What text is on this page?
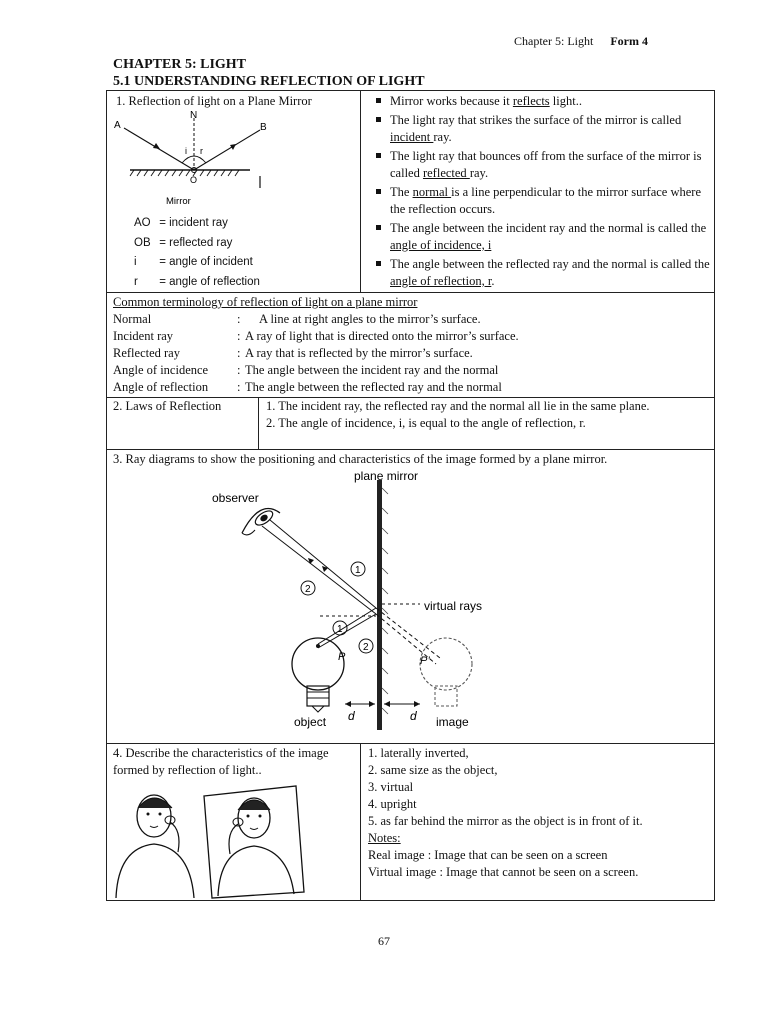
Chapter 5: Light Form 4
CHAPTER 5: LIGHT
5.1 UNDERSTANDING REFLECTION OF LIGHT
1. Reflection of light on a Plane Mirror
A
N
B
i r
O
Mirror
AO = incident ray
OB = reflected ray
i = angle of incident
r = angle of reflection
Mirror works because it reflects light..
The light ray that strikes the surface of the mirror is called incident ray.
The light ray that bounces off from the surface of the mirror is called reflected ray.
The normal is a line perpendicular to the mirror surface where the reflection occurs.
The angle between the incident ray and the normal is called the angle of incidence, i
The angle between the reflected ray and the normal is called the angle of reflection, r.
Common terminology of reflection of light on a plane mirror
Normal	:	A line at right angles to the mirror’s surface.
Incident ray	: A ray of light that is directed onto the mirror’s surface.
Reflected ray	: A ray that is reflected by the mirror’s surface.
Angle of incidence	: The angle between the incident ray and the normal
Angle of reflection	: The angle between the reflected ray and the normal
2. Laws of Reflection	1. The incident ray, the reflected ray and the normal all lie in the same plane.
2. The angle of incidence, i, is equal to the angle of reflection, r.
3. Ray diagrams to show the positioning and characteristics of the image formed by a plane mirror.
1
2
1
2
plane mirror
observer
virtual rays
object	image
d	d
P	P’
4. Describe the characteristics of the image formed by reflection of light..
1. laterally inverted,
2. same size as the object,
3. virtual
4. upright
5. as far behind the mirror as the object is in front of it.
Notes:
Real image : Image that can be seen on a screen
Virtual image : Image that cannot be seen on a screen.
67
